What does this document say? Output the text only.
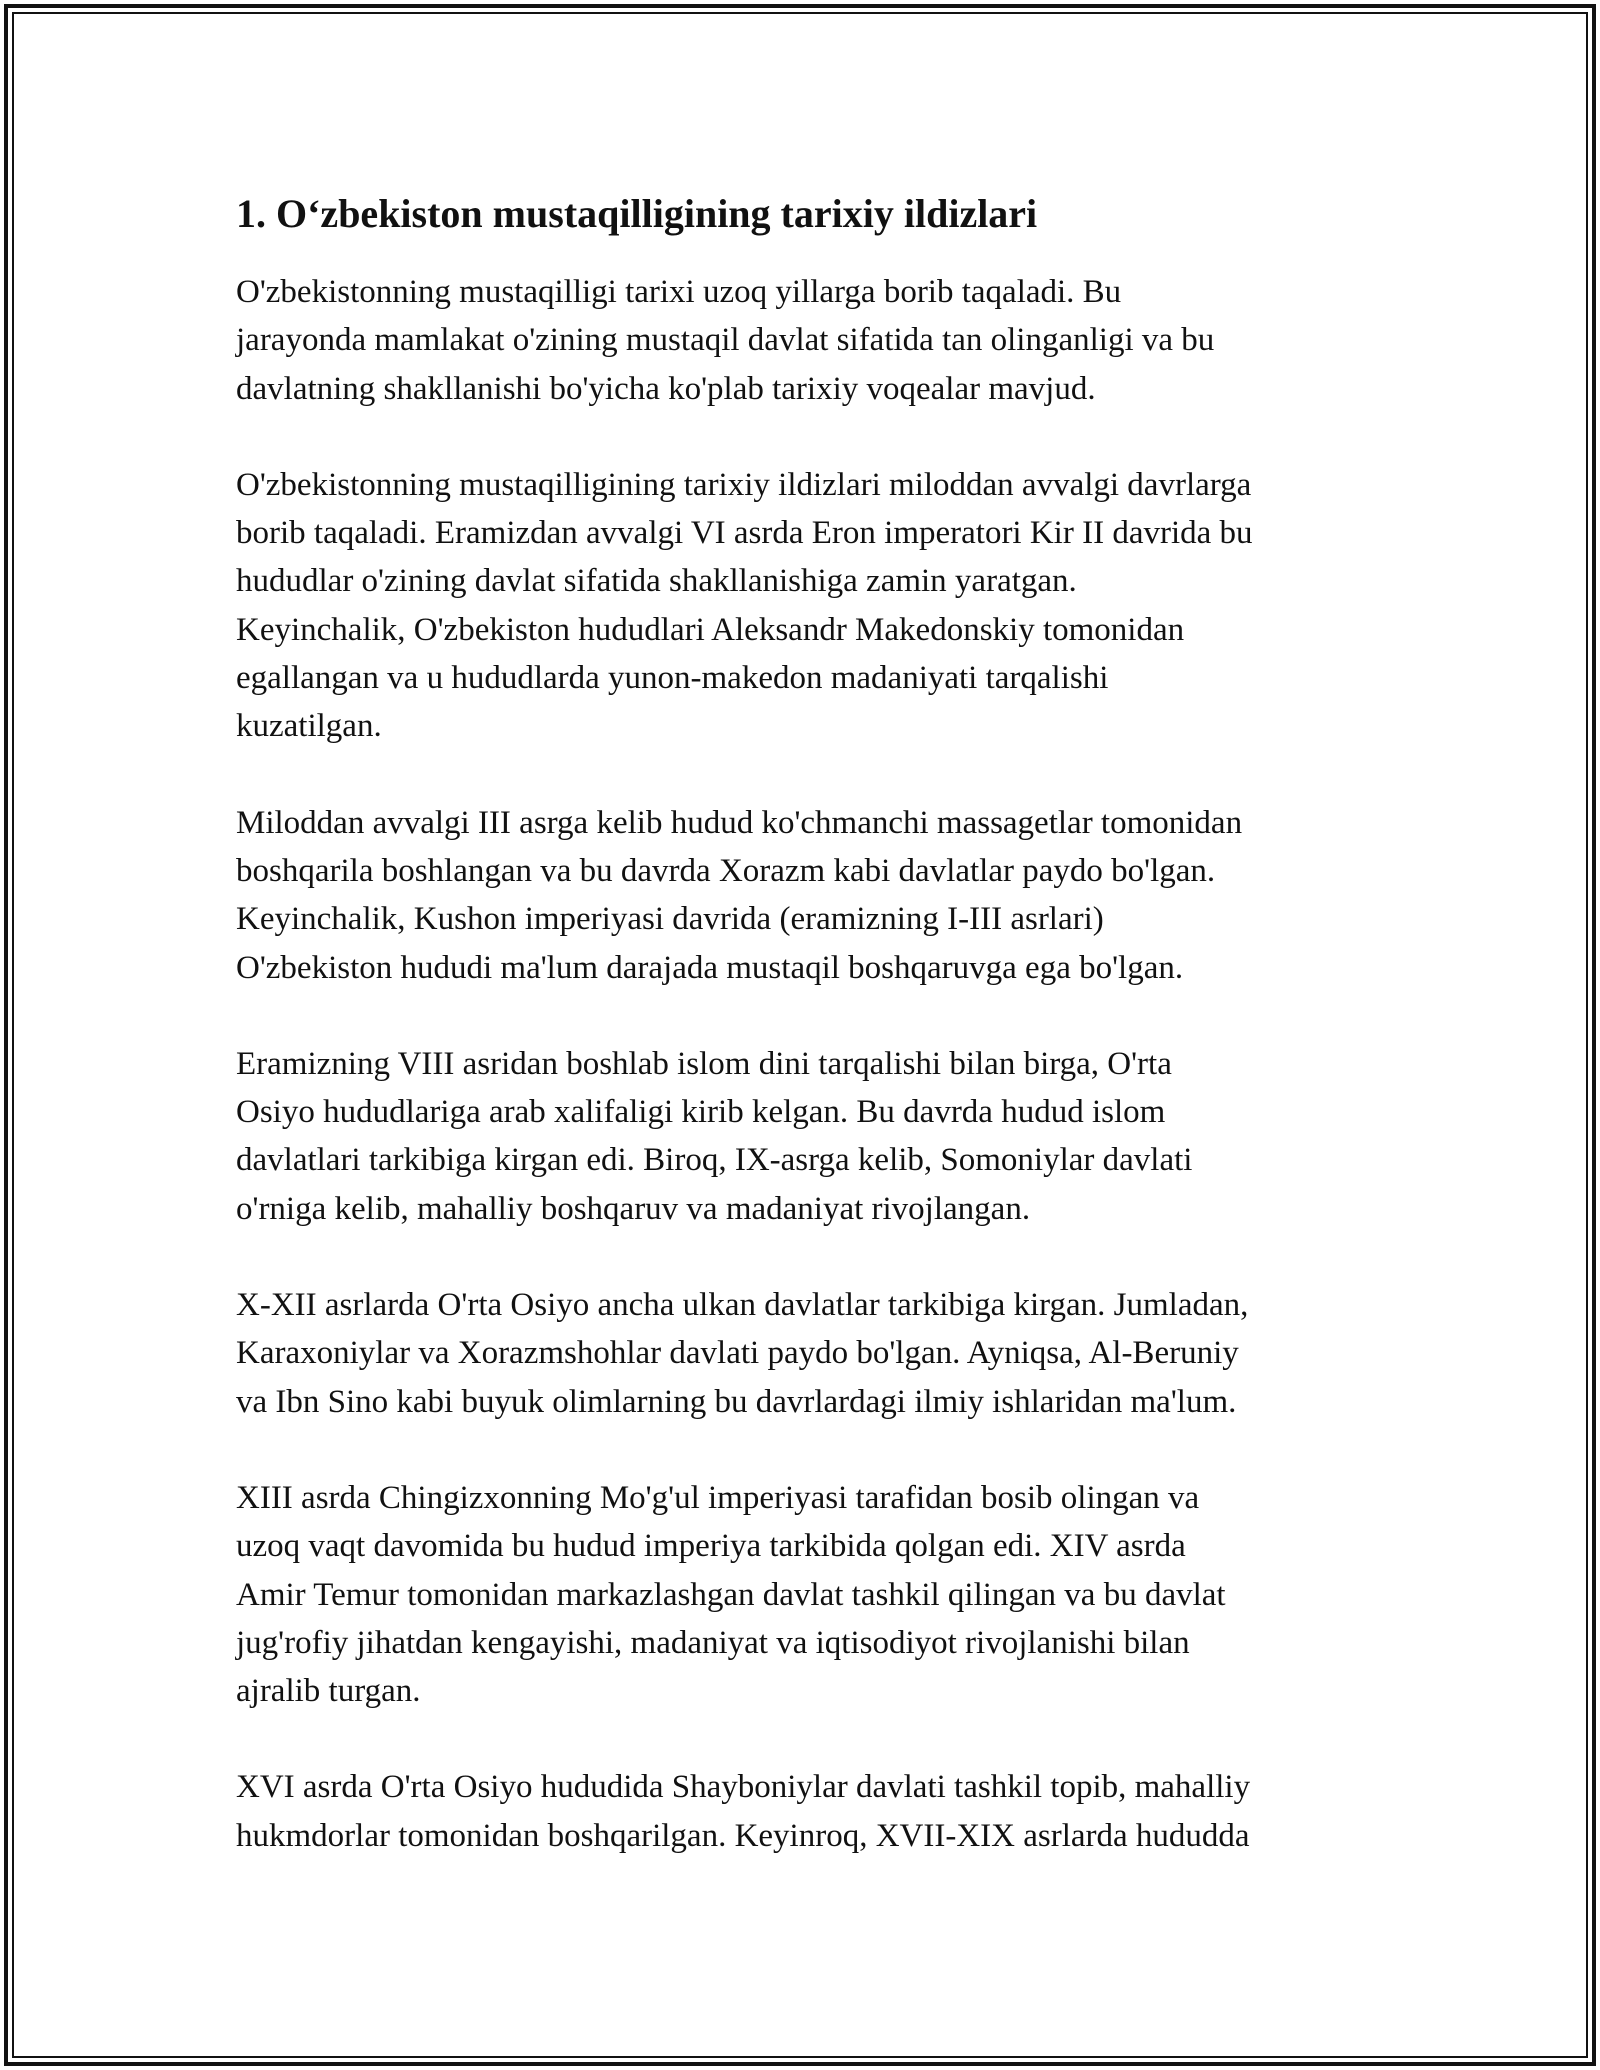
1. O‘zbekiston mustaqilligining tarixiy ildizlari

O'zbekistonning mustaqilligi tarixi uzoq yillarga borib taqaladi. Bu
jarayonda mamlakat o'zining mustaqil davlat sifatida tan olinganligi va bu
davlatning shakllanishi bo'yicha ko'plab tarixiy voqealar mavjud.

O'zbekistonning mustaqilligining tarixiy ildizlari miloddan avvalgi davrlarga
borib taqaladi. Eramizdan avvalgi VI asrda Eron imperatori Kir II davrida bu
hududlar o'zining davlat sifatida shakllanishiga zamin yaratgan.
Keyinchalik, O'zbekiston hududlari Aleksandr Makedonskiy tomonidan
egallangan va u hududlarda yunon-makedon madaniyati tarqalishi
kuzatilgan.

Miloddan avvalgi III asrga kelib hudud ko'chmanchi massagetlar tomonidan
boshqarila boshlangan va bu davrda Xorazm kabi davlatlar paydo bo'lgan.
Keyinchalik, Kushon imperiyasi davrida (eramizning I-III asrlari)
O'zbekiston hududi ma'lum darajada mustaqil boshqaruvga ega bo'lgan.

Eramizning VIII asridan boshlab islom dini tarqalishi bilan birga, O'rta
Osiyo hududlariga arab xalifaligi kirib kelgan. Bu davrda hudud islom
davlatlari tarkibiga kirgan edi. Biroq, IX-asrga kelib, Somoniylar davlati
o'rniga kelib, mahalliy boshqaruv va madaniyat rivojlangan.

X-XII asrlarda O'rta Osiyo ancha ulkan davlatlar tarkibiga kirgan. Jumladan,
Karaxoniylar va Xorazmshohlar davlati paydo bo'lgan. Ayniqsa, Al-Beruniy
va Ibn Sino kabi buyuk olimlarning bu davrlardagi ilmiy ishlaridan ma'lum.

XIII asrda Chingizxonning Mo'g'ul imperiyasi tarafidan bosib olingan va
uzoq vaqt davomida bu hudud imperiya tarkibida qolgan edi. XIV asrda
Amir Temur tomonidan markazlashgan davlat tashkil qilingan va bu davlat
jug'rofiy jihatdan kengayishi, madaniyat va iqtisodiyot rivojlanishi bilan
ajralib turgan.

XVI asrda O'rta Osiyo hududida Shayboniylar davlati tashkil topib, mahalliy
hukmdorlar tomonidan boshqarilgan. Keyinroq, XVII-XIX asrlarda hududda
